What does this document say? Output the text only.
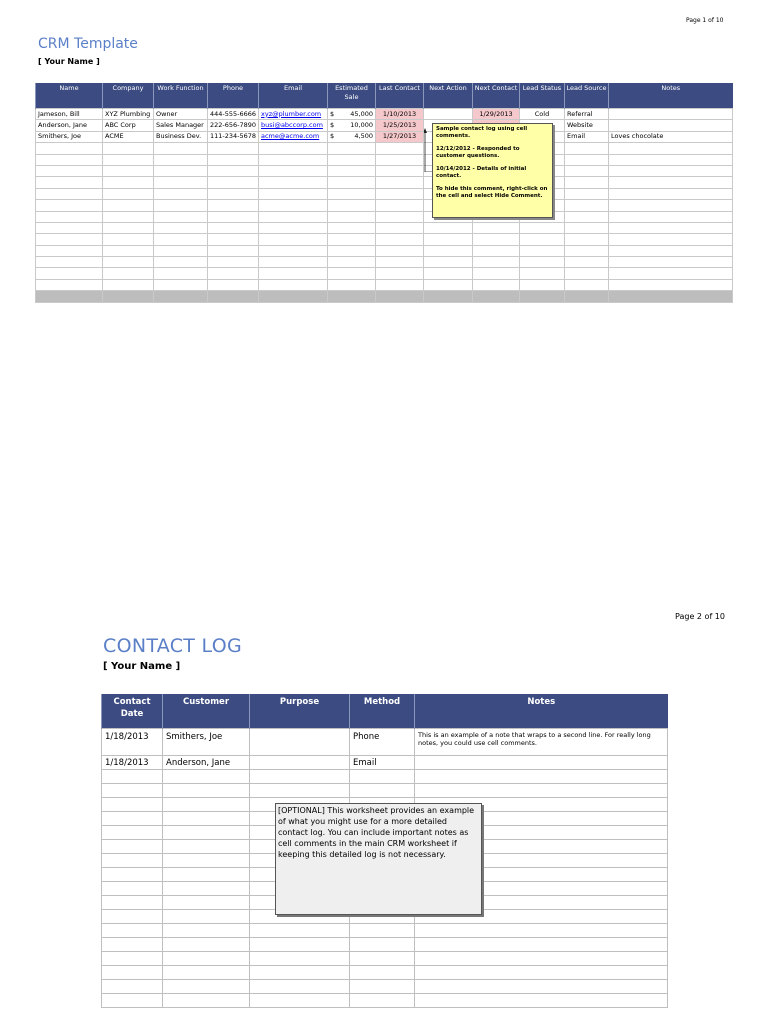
Page 1 of 10
CRM Template
[ Your Name ]
Name	Company	Work Function	Phone	Email	Estimated Sale	Last Contact	Next Action	Next Contact	Lead Status	Lead Source	Notes
Jameson, Bill	XYZ Plumbing	Owner	444-555-6666	xyz@plumber.com	$ 45,000	1/10/2013		1/29/2013	Cold	Referral	
Anderson, Jane	ABC Corp	Sales Manager	222-656-7890	busi@abccorp.com	$ 10,000	1/25/2013				Website	
Smithers, Joe	ACME	Business Dev.	111-234-5678	acme@acme.com	$ 4,500	1/27/2013				Email	Loves chocolate

Sample contact log using cell comments.

12/12/2012 - Responded to customer questions.

10/14/2012 - Details of initial contact.

To hide this comment, right-click on the cell and select Hide Comment.

Page 2 of 10
CONTACT LOG
[ Your Name ]
Contact Date	Customer	Purpose	Method	Notes
1/18/2013	Smithers, Joe		Phone	This is an example of a note that wraps to a second line. For really long notes, you could use cell comments.
1/18/2013	Anderson, Jane		Email	

[OPTIONAL] This worksheet provides an example of what you might use for a more detailed contact log. You can include important notes as cell comments in the main CRM worksheet if keeping this detailed log is not necessary.
